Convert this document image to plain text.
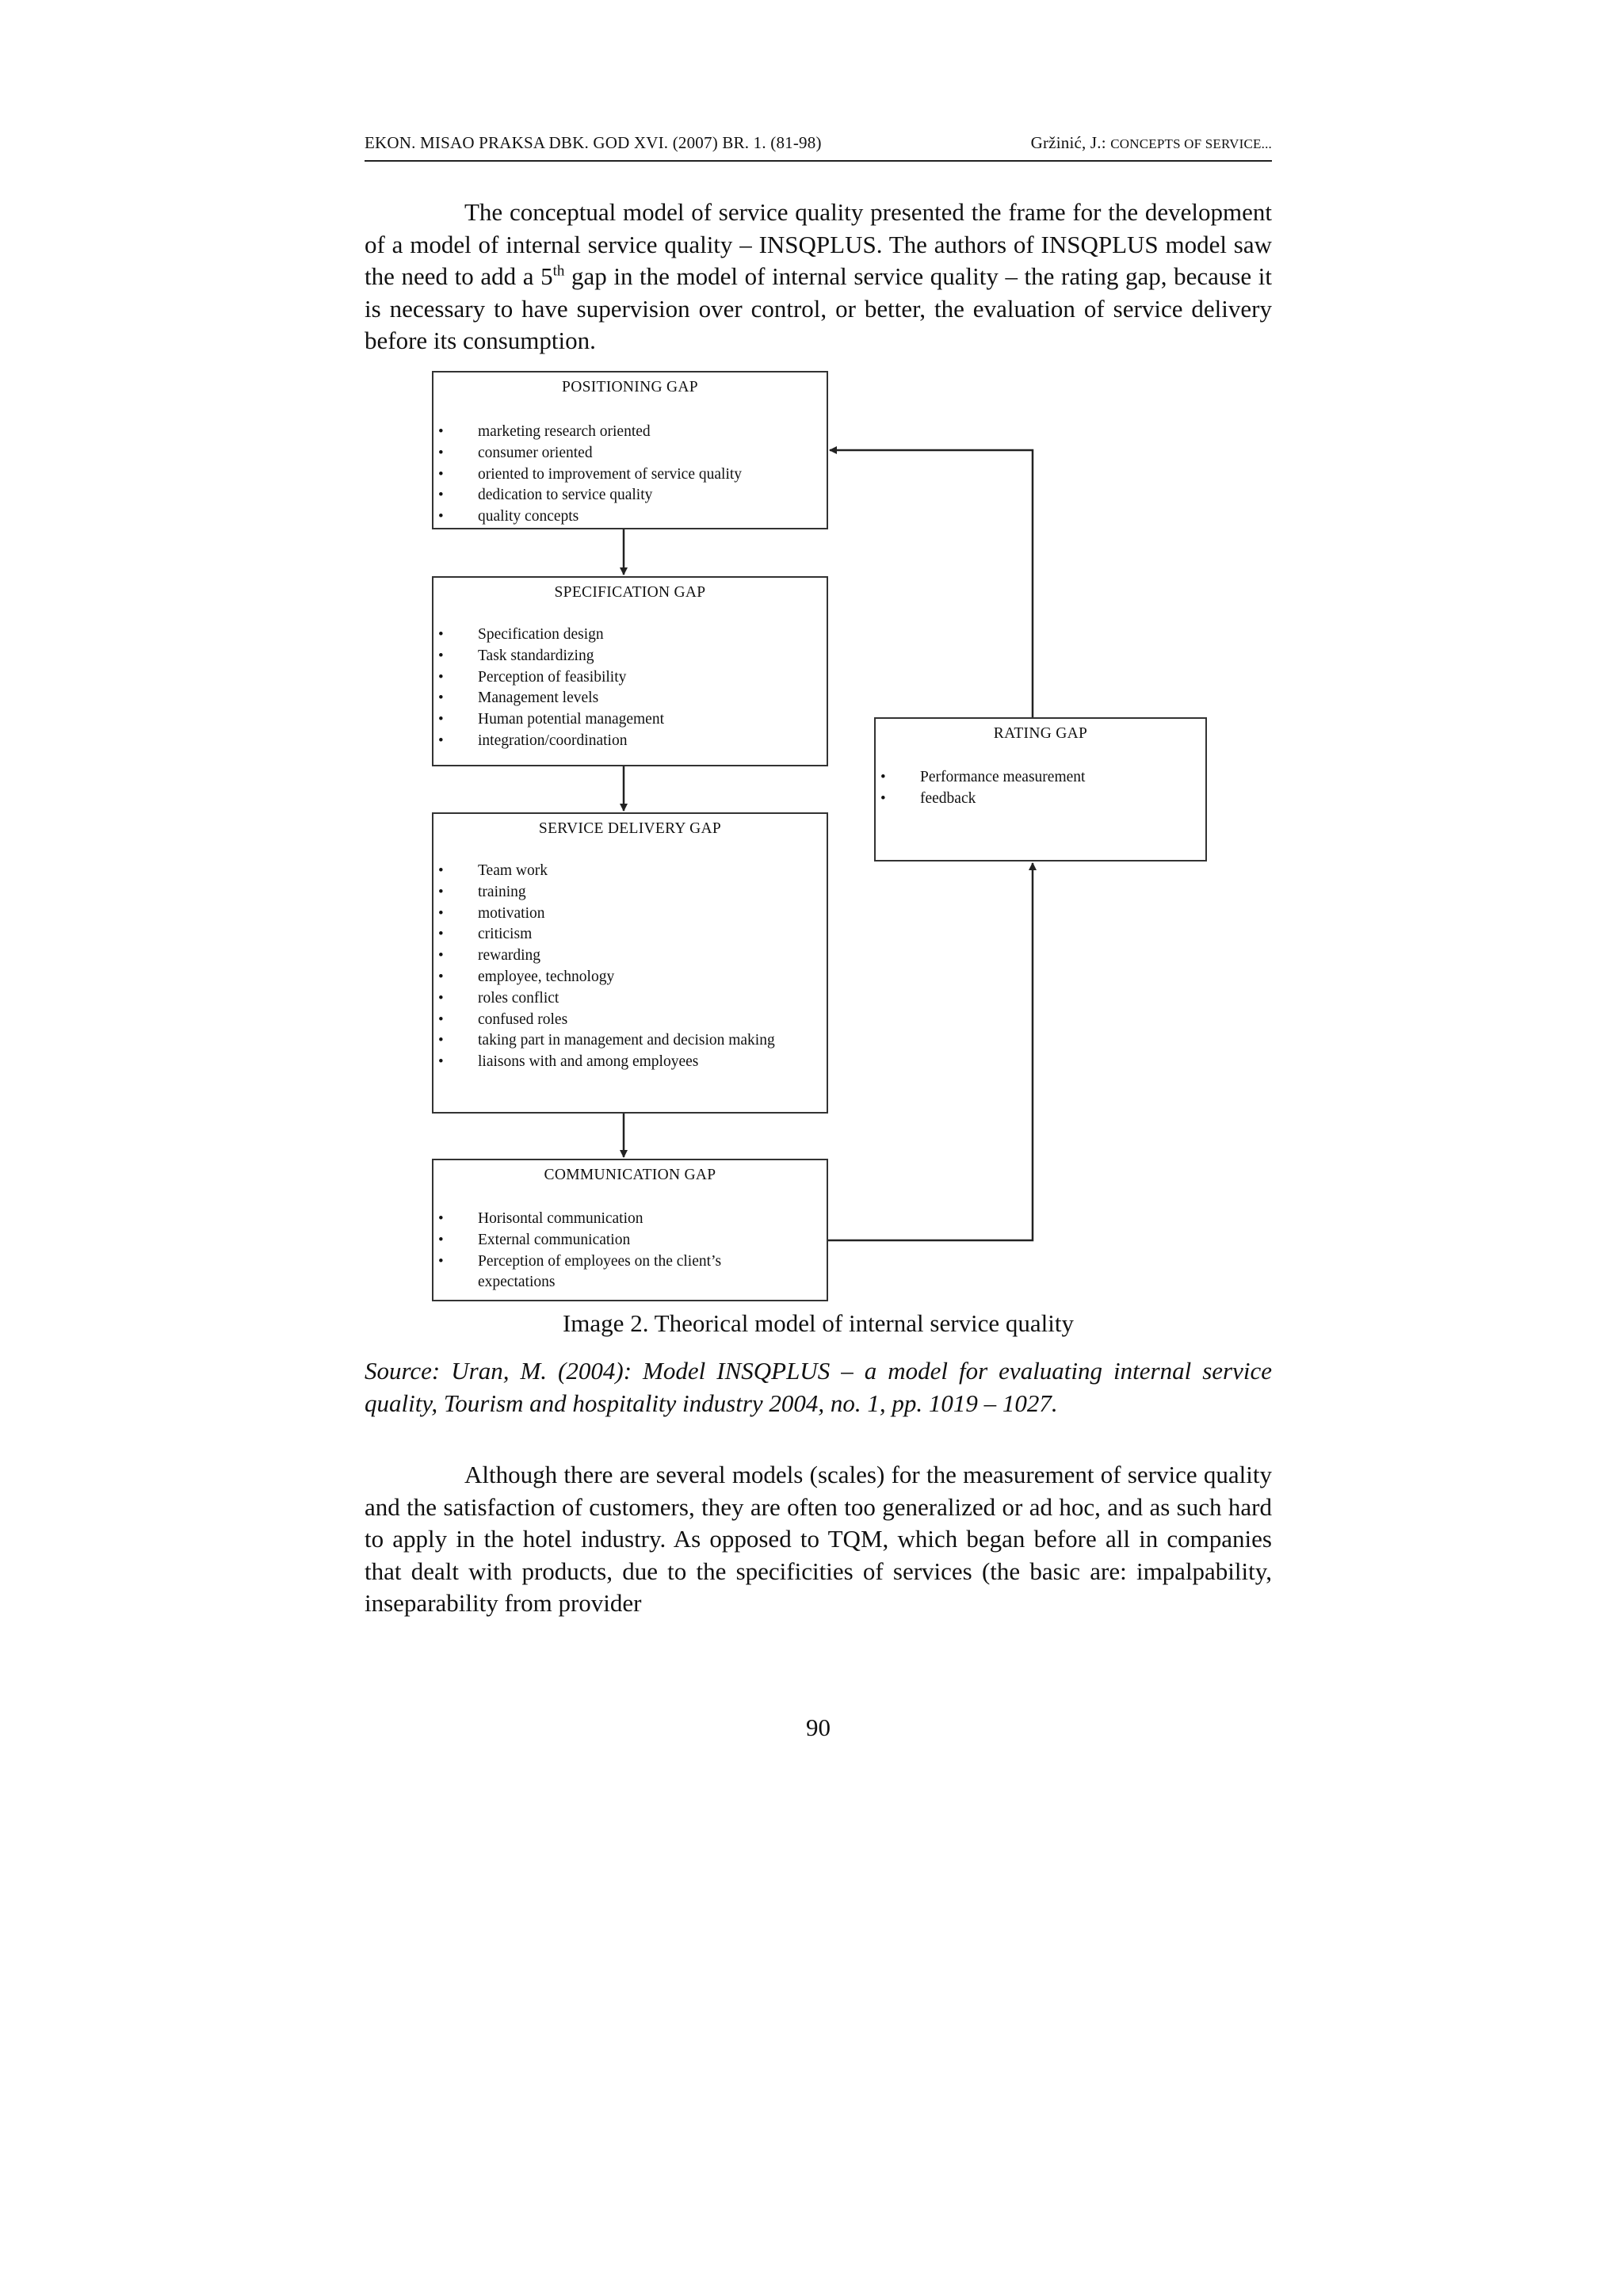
EKON. MISAO PRAKSA DBK. GOD XVI. (2007) BR. 1. (81-98)	Gržinić, J.: CONCEPTS OF SERVICE...
The conceptual model of service quality presented the frame for the development of a model of internal service quality – INSQPLUS. The authors of INSQPLUS model saw the need to add a 5th gap in the model of internal service quality – the rating gap, because it is necessary to have supervision over control, or better, the evaluation of service delivery before its consumption.
POSITIONING GAP
• marketing research oriented
• consumer oriented
• oriented to improvement of service quality
• dedication to service quality
• quality concepts
SPECIFICATION GAP
• Specification design
• Task standardizing
• Perception of feasibility
• Management levels
• Human potential management
• integration/coordination
SERVICE DELIVERY GAP
• Team work
• training
• motivation
• criticism
• rewarding
• employee, technology
• roles conflict
• confused roles
• taking part in management and decision making
• liaisons with and among employees
COMMUNICATION GAP
• Horisontal communication
• External communication
• Perception of employees on the client’s expectations
RATING GAP
• Performance measurement
• feedback
Image 2. Theorical model of internal service quality
Source: Uran, M. (2004): Model INSQPLUS – a model for evaluating internal service quality, Tourism and hospitality industry 2004, no. 1, pp. 1019 – 1027.
Although there are several models (scales) for the measurement of service quality and the satisfaction of customers, they are often too generalized or ad hoc, and as such hard to apply in the hotel industry. As opposed to TQM, which began before all in companies that dealt with products, due to the specificities of services (the basic are: impalpability, inseparability from provider
90
